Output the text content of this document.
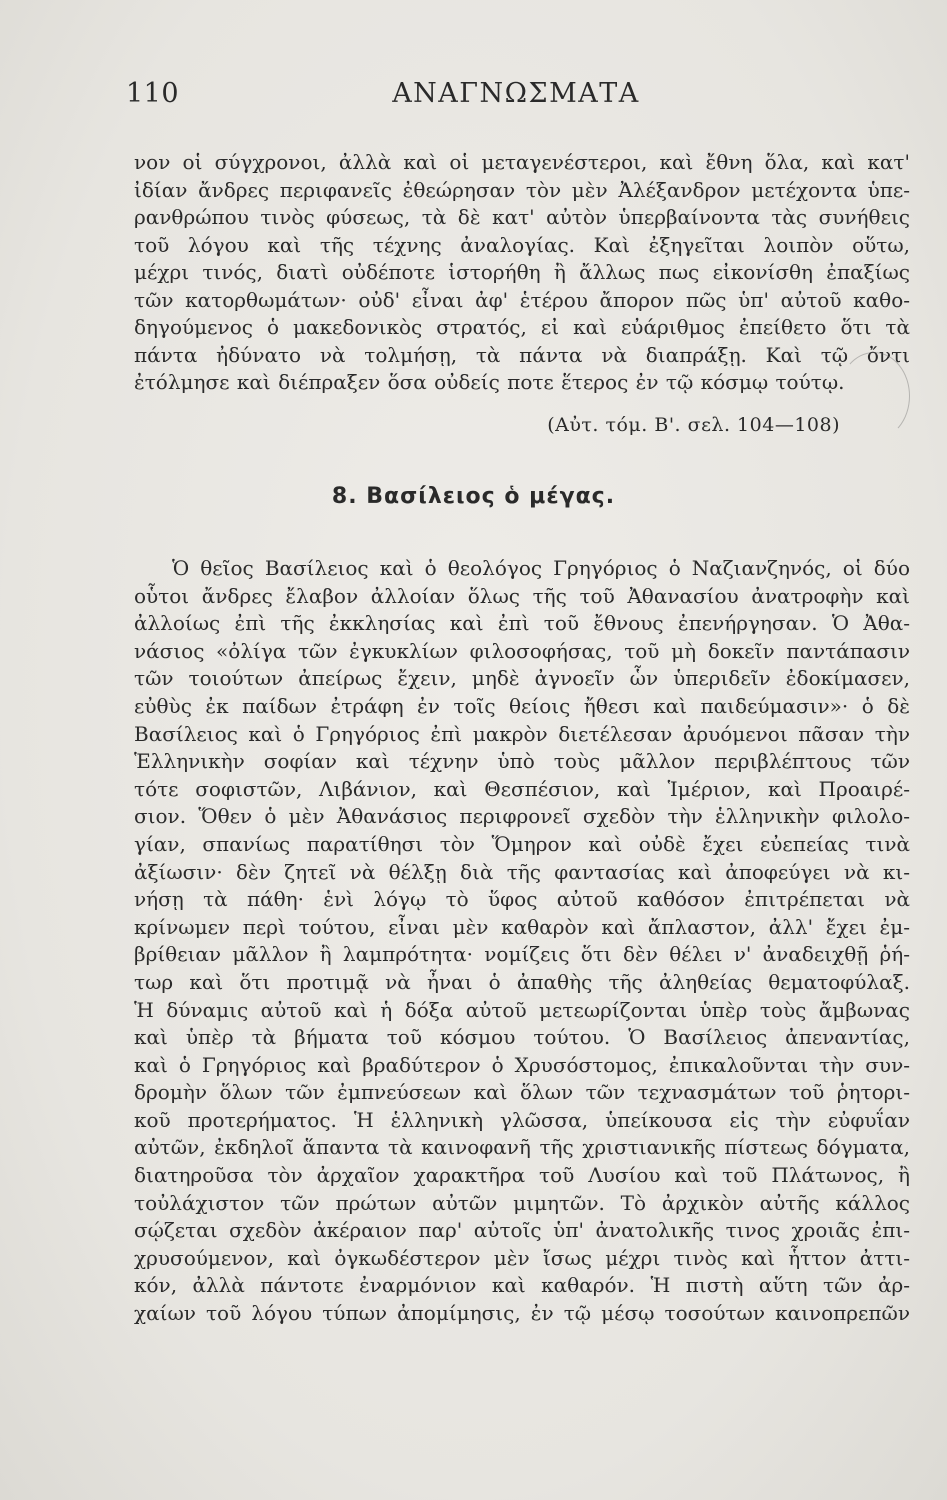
110	ΑΝΑΓΝΩΣΜΑΤΑ
νον οἱ σύγχρονοι, ἀλλὰ καὶ οἱ μεταγενέστεροι, καὶ ἔθνη ὅλα, καὶ κατ'
ἰδίαν ἄνδρες περιφανεῖς ἐθεώρησαν τὸν μὲν Ἀλέξανδρον μετέχοντα ὑπε-
ρανθρώπου τινὸς φύσεως, τὰ δὲ κατ' αὐτὸν ὑπερβαίνοντα τὰς συνήθεις
τοῦ λόγου καὶ τῆς τέχνης ἀναλογίας. Καὶ ἐξηγεῖται λοιπὸν οὕτω,
μέχρι τινός, διατὶ οὐδέποτε ἱστορήθη ἢ ἄλλως πως εἰκονίσθη ἐπαξίως
τῶν κατορθωμάτων· οὐδ' εἶναι ἀφ' ἑτέρου ἄπορον πῶς ὑπ' αὐτοῦ καθο-
δηγούμενος ὁ μακεδονικὸς στρατός, εἰ καὶ εὐάριθμος ἐπείθετο ὅτι τὰ
πάντα ἠδύνατο νὰ τολμήσῃ, τὰ πάντα νὰ διαπράξῃ. Καὶ τῷ ὄντι
ἐτόλμησε καὶ διέπραξεν ὅσα οὐδείς ποτε ἕτερος ἐν τῷ κόσμῳ τούτῳ.
(Αὐτ. τόμ. Β'. σελ. 104—108)
8. Βασίλειος ὁ μέγας.
Ὁ θεῖος Βασίλειος καὶ ὁ θεολόγος Γρηγόριος ὁ Ναζιανζηνός, οἱ δύο
οὗτοι ἄνδρες ἔλαβον ἀλλοίαν ὅλως τῆς τοῦ Ἀθανασίου ἀνατροφὴν καὶ
ἀλλοίως ἐπὶ τῆς ἐκκλησίας καὶ ἐπὶ τοῦ ἔθνους ἐπενήργησαν. Ὁ Ἀθα-
νάσιος «ὀλίγα τῶν ἐγκυκλίων φιλοσοφήσας, τοῦ μὴ δοκεῖν παντάπασιν
τῶν τοιούτων ἀπείρως ἔχειν, μηδὲ ἀγνοεῖν ὧν ὑπεριδεῖν ἐδοκίμασεν,
εὐθὺς ἐκ παίδων ἐτράφη ἐν τοῖς θείοις ἤθεσι καὶ παιδεύμασιν»· ὁ δὲ
Βασίλειος καὶ ὁ Γρηγόριος ἐπὶ μακρὸν διετέλεσαν ἀρυόμενοι πᾶσαν τὴν
Ἑλληνικὴν σοφίαν καὶ τέχνην ὑπὸ τοὺς μᾶλλον περιβλέπτους τῶν
τότε σοφιστῶν, Λιβάνιον, καὶ Θεσπέσιον, καὶ Ἱμέριον, καὶ Προαιρέ-
σιον. Ὅθεν ὁ μὲν Ἀθανάσιος περιφρονεῖ σχεδὸν τὴν ἑλληνικὴν φιλολο-
γίαν, σπανίως παρατίθησι τὸν Ὅμηρον καὶ οὐδὲ ἔχει εὐεπείας τινὰ
ἀξίωσιν· δὲν ζητεῖ νὰ θέλξῃ διὰ τῆς φαντασίας καὶ ἀποφεύγει νὰ κι-
νήσῃ τὰ πάθη· ἑνὶ λόγῳ τὸ ὕφος αὐτοῦ καθόσον ἐπιτρέπεται νὰ
κρίνωμεν περὶ τούτου, εἶναι μὲν καθαρὸν καὶ ἄπλαστον, ἀλλ' ἔχει ἐμ-
βρίθειαν μᾶλλον ἢ λαμπρότητα· νομίζεις ὅτι δὲν θέλει ν' ἀναδειχθῇ ῥή-
τωρ καὶ ὅτι προτιμᾷ νὰ ἦναι ὁ ἀπαθὴς τῆς ἀληθείας θεματοφύλαξ.
Ἡ δύναμις αὐτοῦ καὶ ἡ δόξα αὐτοῦ μετεωρίζονται ὑπὲρ τοὺς ἄμβωνας
καὶ ὑπὲρ τὰ βήματα τοῦ κόσμου τούτου. Ὁ Βασίλειος ἀπεναντίας,
καὶ ὁ Γρηγόριος καὶ βραδύτερον ὁ Χρυσόστομος, ἐπικαλοῦνται τὴν συν-
δρομὴν ὅλων τῶν ἐμπνεύσεων καὶ ὅλων τῶν τεχνασμάτων τοῦ ῥητορι-
κοῦ προτερήματος. Ἡ ἑλληνικὴ γλῶσσα, ὑπείκουσα εἰς τὴν εὐφυΐαν
αὐτῶν, ἐκδηλοῖ ἅπαντα τὰ καινοφανῆ τῆς χριστιανικῆς πίστεως δόγματα,
διατηροῦσα τὸν ἀρχαῖον χαρακτῆρα τοῦ Λυσίου καὶ τοῦ Πλάτωνος, ἢ
τοὐλάχιστον τῶν πρώτων αὐτῶν μιμητῶν. Τὸ ἀρχικὸν αὐτῆς κάλλος
σῴζεται σχεδὸν ἀκέραιον παρ' αὐτοῖς ὑπ' ἀνατολικῆς τινος χροιᾶς ἐπι-
χρυσούμενον, καὶ ὀγκωδέστερον μὲν ἴσως μέχρι τινὸς καὶ ἧττον ἀττι-
κόν, ἀλλὰ πάντοτε ἐναρμόνιον καὶ καθαρόν. Ἡ πιστὴ αὕτη τῶν ἀρ-
χαίων τοῦ λόγου τύπων ἀπομίμησις, ἐν τῷ μέσῳ τοσούτων καινοπρεπῶν
